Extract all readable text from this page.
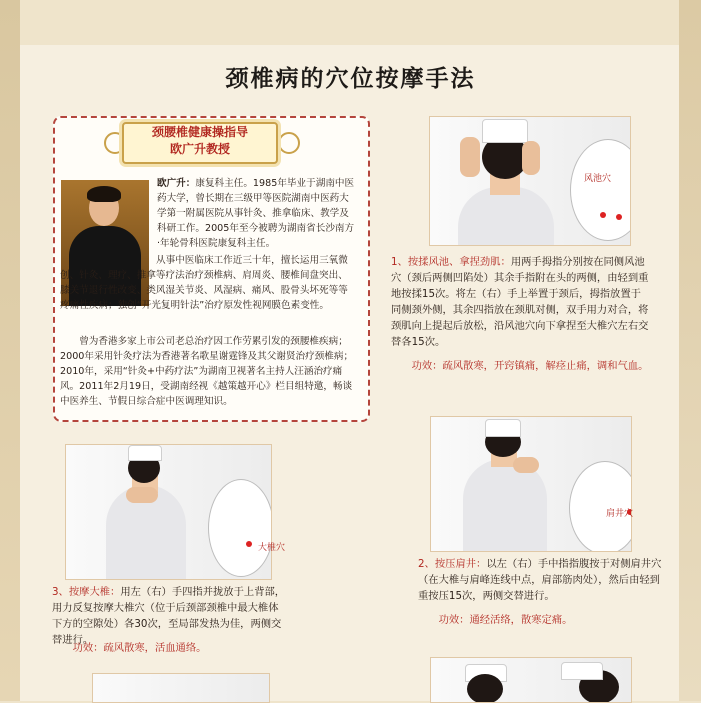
颈椎病的穴位按摩手法
颈腰椎健康操指导
欧广升教授

欧广升：康复科主任。1985年毕业于湖南中医药大学，曾长期在三级甲等医院湖南中医药大学第一附属医院从事针灸、推拿临床、教学及科研工作。2005年至今被聘为湖南省长沙南方·年轮骨科医院康复科主任。

从事中医临床工作近三十年，擅长运用三氧微创、针灸、理疗、推拿等疗法治疗颈椎病、肩周炎、腰椎间盘突出、膝关节退行性改变、类风湿关节炎、风湿病、痛风、股骨头坏死等等疼痛性疾病；独创“开光复明针法”治疗原发性视网膜色素变性。

曾为香港多家上市公司老总治疗因工作劳累引发的颈腰椎疾病；2000年采用针灸疗法为香港著名歌星谢霆锋及其父谢贤治疗颈椎病；2010年，采用“针灸+中药疗法”为湖南卫视著名主持人汪涵治疗痛风。2011年2月19日，受湖南经视《越策越开心》栏目组特邀，畅谈中医养生、节假日综合症中医调理知识。

风池穴

1、按揉风池、拿捏劲肌：用两手拇指分别按在同侧风池穴（颈后两侧凹陷处）其余手指附在头的两侧，由轻到重地按揉15次。将左（右）手上举置于颈后，拇指放置于同侧颈外侧，其余四指放在颈肌对侧，双手用力对合，将颈肌向上提起后放松，沿风池穴向下拿捏至大椎穴左右交替各15次。

功效：疏风散寒，开窍镇痛，解痉止痛，调和气血。

大椎穴
肩井穴

2、按压肩井：以左（右）手中指指腹按于对侧肩井穴（在大椎与肩峰连线中点，肩部筋肉处），然后由轻到重按压15次，两侧交替进行。

功效：通经活络，散寒定痛。

3、按摩大椎：用左（右）手四指并拢放于上背部，用力反复按摩大椎穴（位于后颈部颈椎中最大椎体下方的空隙处）各30次，至局部发热为佳，两侧交替进行。

功效：疏风散寒，活血通络。
